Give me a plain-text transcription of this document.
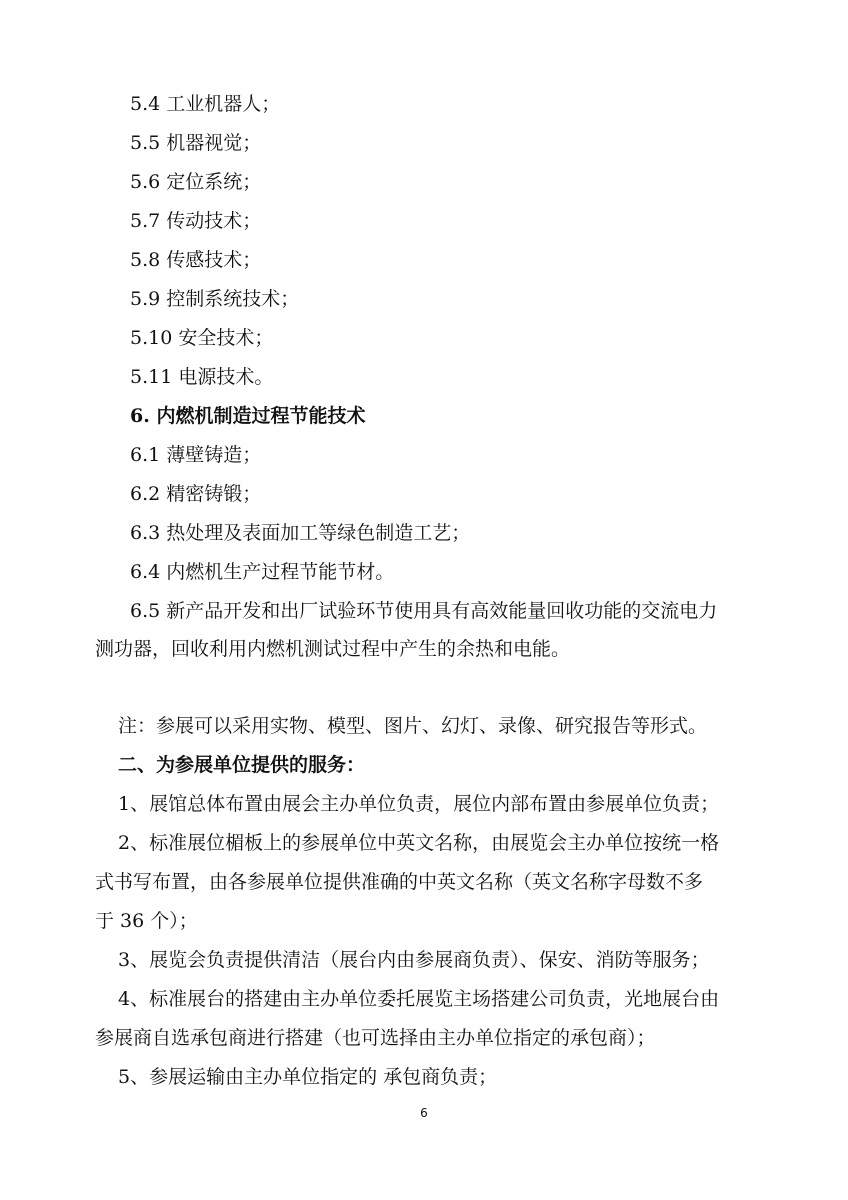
5.4 工业机器人；
5.5 机器视觉；
5.6 定位系统；
5.7 传动技术；
5.8 传感技术；
5.9 控制系统技术；
5.10 安全技术；
5.11 电源技术。
6. 内燃机制造过程节能技术
6.1 薄壁铸造；
6.2 精密铸锻；
6.3 热处理及表面加工等绿色制造工艺；
6.4 内燃机生产过程节能节材。
6.5 新产品开发和出厂试验环节使用具有高效能量回收功能的交流电力
测功器，回收利用内燃机测试过程中产生的余热和电能。
注：参展可以采用实物、模型、图片、幻灯、录像、研究报告等形式。
二、为参展单位提供的服务：
1、展馆总体布置由展会主办单位负责，展位内部布置由参展单位负责；
2、标准展位楣板上的参展单位中英文名称，由展览会主办单位按统一格
式书写布置，由各参展单位提供准确的中英文名称（英文名称字母数不多
于 36 个）；
3、展览会负责提供清洁（展台内由参展商负责）、保安、消防等服务；
4、标准展台的搭建由主办单位委托展览主场搭建公司负责，光地展台由
参展商自选承包商进行搭建（也可选择由主办单位指定的承包商）；
5、参展运输由主办单位指定的 承包商负责；
6
